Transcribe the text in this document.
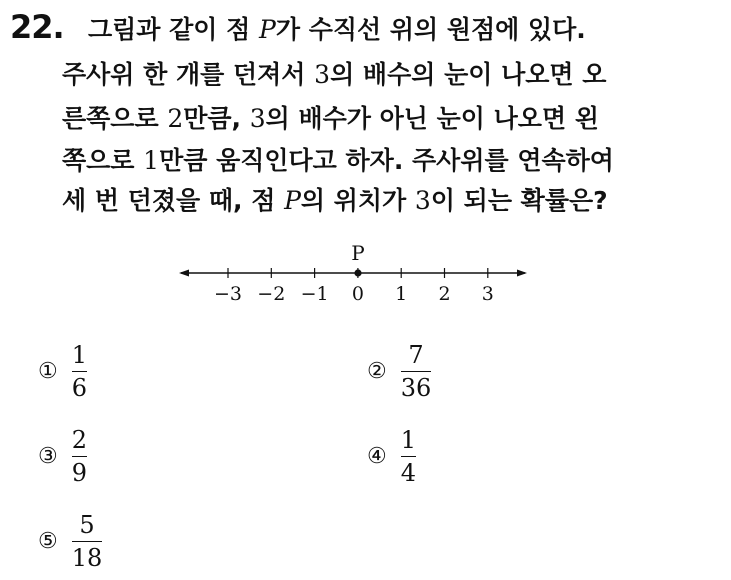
22. 그림과 같이 점 P가 수직선 위의 원점에 있다.
주사위 한 개를 던져서 3의 배수의 눈이 나오면 오
른쪽으로 2만큼, 3의 배수가 아닌 눈이 나오면 왼
쪽으로 1만큼 움직인다고 하자. 주사위를 연속하여
세 번 던졌을 때, 점 P의 위치가 3이 되는 확률은?
−3 −2 −1 0 1 2 3
P
① $\frac{1}{6}$	② $\frac{7}{36}$
③ $\frac{2}{9}$	④ $\frac{1}{4}$
⑤ $\frac{5}{18}$
